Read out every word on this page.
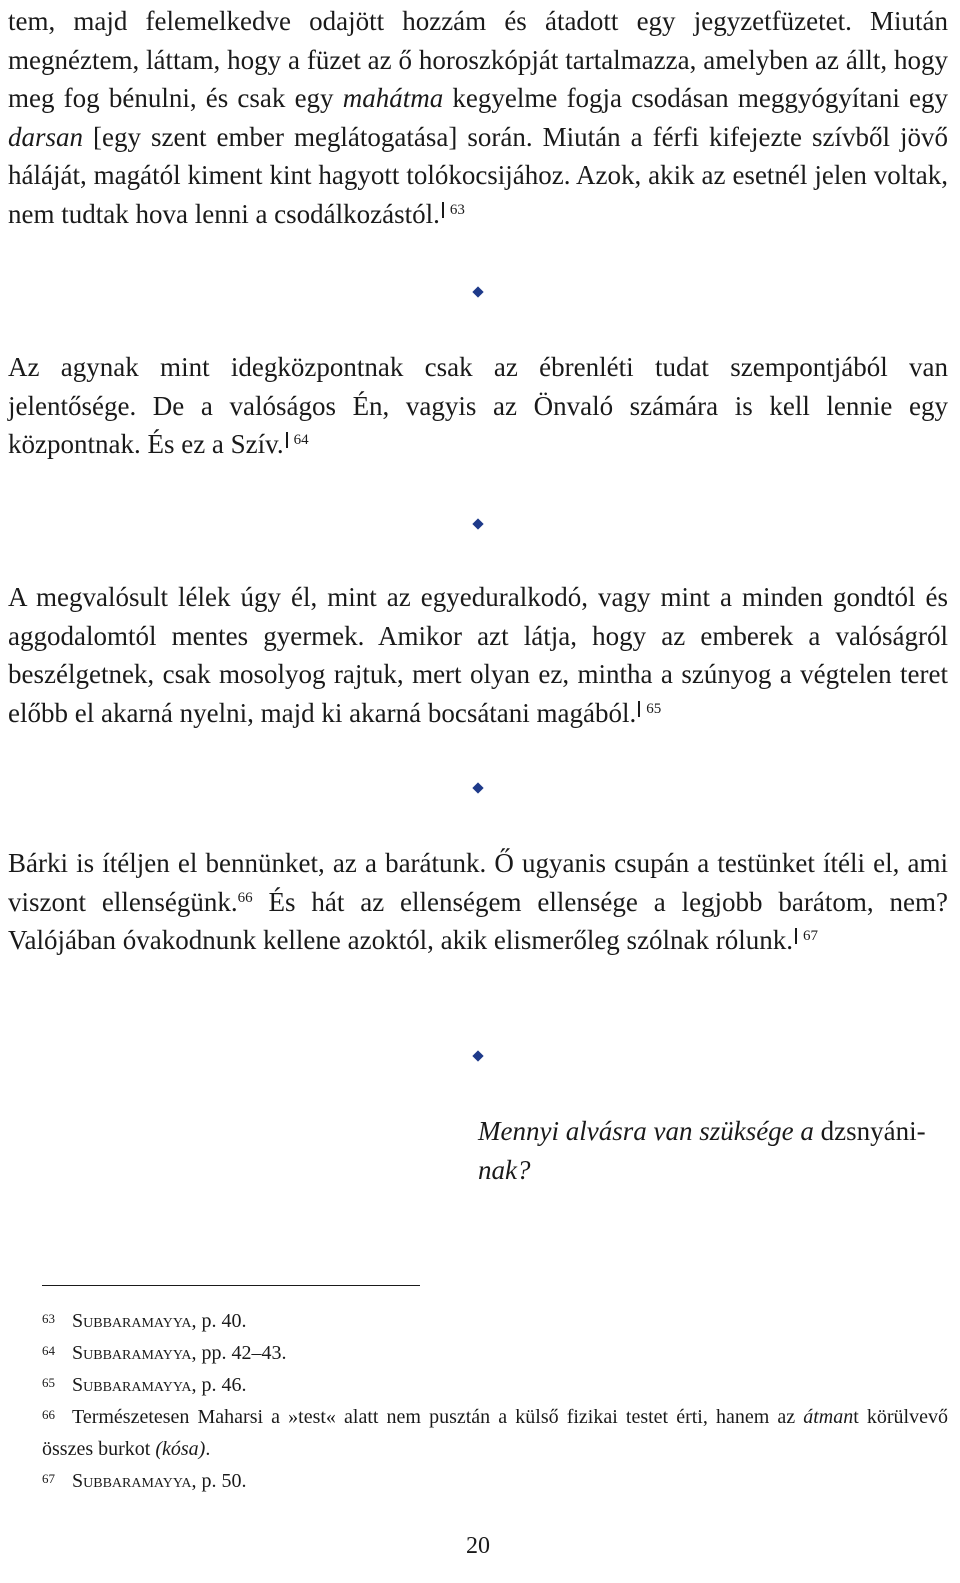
tem, majd felemelkedve odajött hozzám és átadott egy jegyzetfüzetet. Miután megnéztem, láttam, hogy a füzet az ő horoszkópját tartalmazza, amelyben az állt, hogy meg fog bénulni, és csak egy mahátma kegyelme fogja csodásan meggyógyítani egy darsan [egy szent ember meglátogatása] során. Miután a férfi kifejezte szívből jövő háláját, magától kiment kint hagyott tolókocsijához. Azok, akik az esetnél jelen voltak, nem tudtak hova lenni a csodálkozástól. $^{63}$

Az agynak mint idegközpontnak csak az ébrenléti tudat szempontjából van jelentősége. De a valóságos Én, vagyis az Önvaló számára is kell lennie egy központnak. És ez a Szív. $^{64}$

A megvalósult lélek úgy él, mint az egyeduralkodó, vagy mint a minden gondtól és aggodalomtól mentes gyermek. Amikor azt látja, hogy az emberek a valóságról beszélgetnek, csak mosolyog rajtuk, mert olyan ez, mintha a szúnyog a végtelen teret előbb el akarná nyelni, majd ki akarná bocsátani magából. $^{65}$

Bárki is ítéljen el bennünket, az a barátunk. Ő ugyanis csupán a testünket ítéli el, ami viszont ellenségünk.$^{66}$ És hát az ellenségem ellensége a legjobb barátom, nem? Valójában óvakodnunk kellene azoktól, akik elismerőleg szólnak rólunk. $^{67}$

Mennyi alvásra van szüksége a dzsnyáni-
nak?

63 Subbaramayya, p. 40.

64 Subbaramayya, pp. 42–43.

65 Subbaramayya, p. 46.

66 Természetesen Maharsi a »test« alatt nem pusztán a külső fizikai testet érti, hanem az átmant körülvevő összes burkot (kósa).

67 Subbaramayya, p. 50.

20
